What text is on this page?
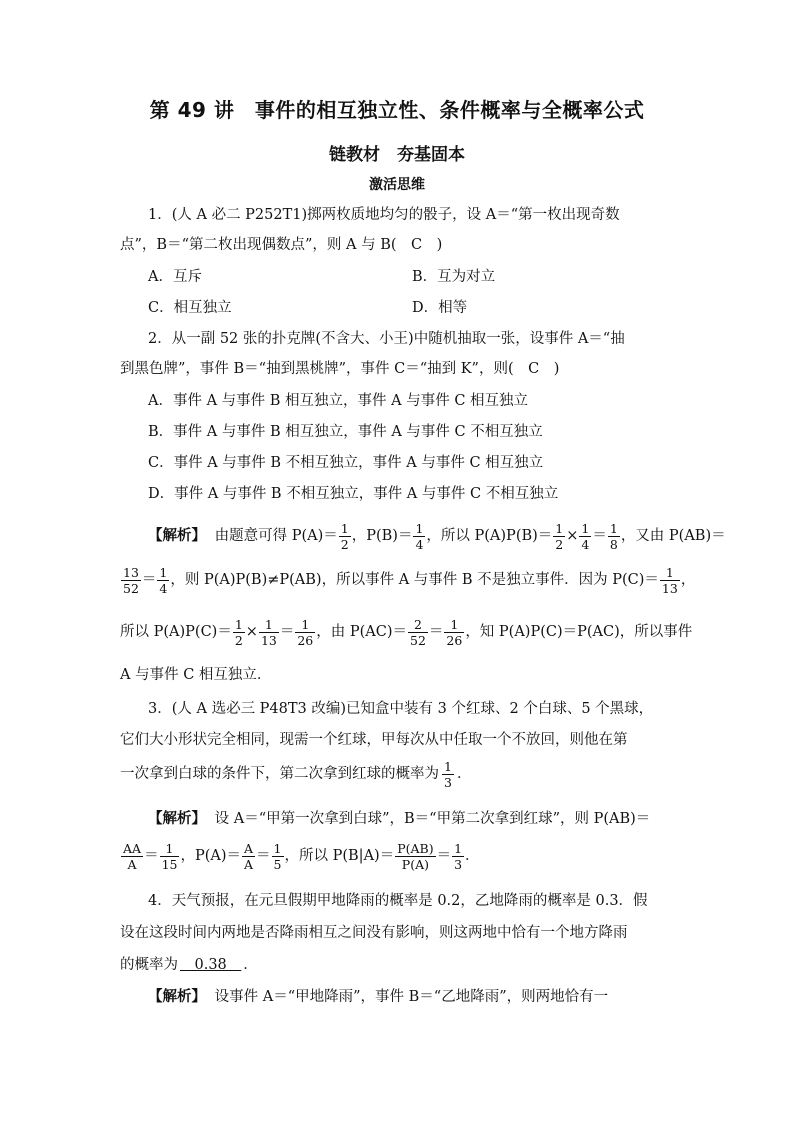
第 49 讲　事件的相互独立性、条件概率与全概率公式
链教材　夯基固本
激活思维
1．(人 A 必二 P252T1)掷两枚质地均匀的骰子，设 A＝“第一枚出现奇数
点”，B＝“第二枚出现偶数点”，则 A 与 B(　C　)
A．互斥	B．互为对立
C．相互独立	D．相等
2．从一副 52 张的扑克牌(不含大、小王)中随机抽取一张，设事件 A＝“抽
到黑色牌”，事件 B＝“抽到黑桃牌”，事件 C＝“抽到 K”，则(　C　)
A．事件 A 与事件 B 相互独立，事件 A 与事件 C 相互独立
B．事件 A 与事件 B 相互独立，事件 A 与事件 C 不相互独立
C．事件 A 与事件 B 不相互独立，事件 A 与事件 C 相互独立
D．事件 A 与事件 B 不相互独立，事件 A 与事件 C 不相互独立
【解析】 由题意可得 $P(A)= \frac{1}{2}$ ，$P(B)= \frac{1}{4}$ ，所以 $P(A)P(B)= \frac{1}{2} \times \frac{1}{4} = \frac{1}{8}$ ，又由 P(AB)＝
$\frac{13}{52} = \frac{1}{4}$ ，则 P(A)P(B)≠P(AB)，所以事件 A 与事件 B 不是独立事件．因为 $P(C)= \frac{1}{13}$ ，
所以 $P(A)P(C)= \frac{1}{2} \times \frac{1}{13} = \frac{1}{26}$ ，由 $P(AC)= \frac{2}{52} = \frac{1}{26}$ ，知 P(A)P(C)＝P(AC)，所以事件
A 与事件 C 相互独立．
3．(人 A 选必三 P48T3 改编)已知盒中装有 3 个红球、2 个白球、5 个黑球，
它们大小形状完全相同，现需一个红球，甲每次从中任取一个不放回，则他在第
一次拿到白球的条件下，第二次拿到红球的概率为 $\frac{1}{3}$ ．
【解析】 设 A＝“甲第一次拿到白球”，B＝“甲第二次拿到红球”，则 P(AB)＝
$\frac{AA}{A} = \frac{1}{15}$ ，$P(A)= \frac{A}{A} = \frac{1}{5}$ ，所以 $P(B|A)= \frac{P(AB)}{P(A)} = \frac{1}{3}$ ．
4．天气预报，在元旦假期甲地降雨的概率是 0.2，乙地降雨的概率是 0.3．假
设在这段时间内两地是否降雨相互之间没有影响，则这两地中恰有一个地方降雨
的概率为　0.38　．
【解析】 设事件 A＝“甲地降雨”，事件 B＝“乙地降雨”，则两地恰有一
